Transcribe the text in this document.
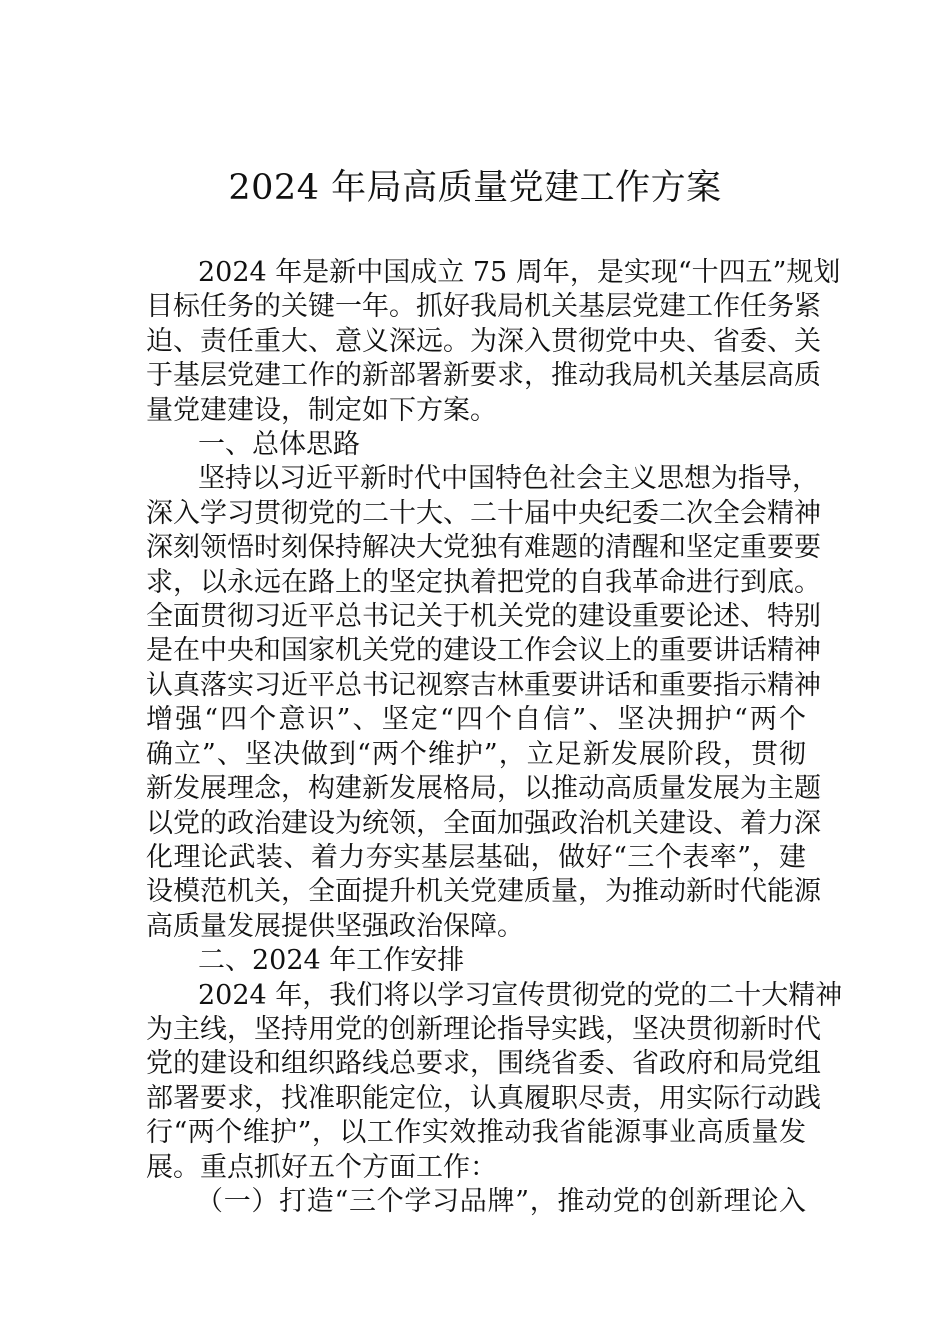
2024 年局高质量党建工作方案
2024 年是新中国成立 75 周年，是实现“十四五”规划
目标任务的关键一年。抓好我局机关基层党建工作任务紧
迫、责任重大、意义深远。为深入贯彻党中央、省委、关
于基层党建工作的新部署新要求，推动我局机关基层高质
量党建建设，制定如下方案。
一、总体思路
坚持以习近平新时代中国特色社会主义思想为指导，
深入学习贯彻党的二十大、二十届中央纪委二次全会精神
深刻领悟时刻保持解决大党独有难题的清醒和坚定重要要
求，以永远在路上的坚定执着把党的自我革命进行到底。
全面贯彻习近平总书记关于机关党的建设重要论述、特别
是在中央和国家机关党的建设工作会议上的重要讲话精神
认真落实习近平总书记视察吉林重要讲话和重要指示精神
增强“四个意识”、坚定“四个自信”、坚决拥护“两个
确立”、坚决做到“两个维护”，立足新发展阶段，贯彻
新发展理念，构建新发展格局，以推动高质量发展为主题
以党的政治建设为统领，全面加强政治机关建设、着力深
化理论武装、着力夯实基层基础，做好“三个表率”，建
设模范机关，全面提升机关党建质量，为推动新时代能源
高质量发展提供坚强政治保障。
二、2024 年工作安排
2024 年，我们将以学习宣传贯彻党的党的二十大精神
为主线，坚持用党的创新理论指导实践，坚决贯彻新时代
党的建设和组织路线总要求，围绕省委、省政府和局党组
部署要求，找准职能定位，认真履职尽责，用实际行动践
行“两个维护”，以工作实效推动我省能源事业高质量发
展。重点抓好五个方面工作：
（一）打造“三个学习品牌”，推动党的创新理论入
